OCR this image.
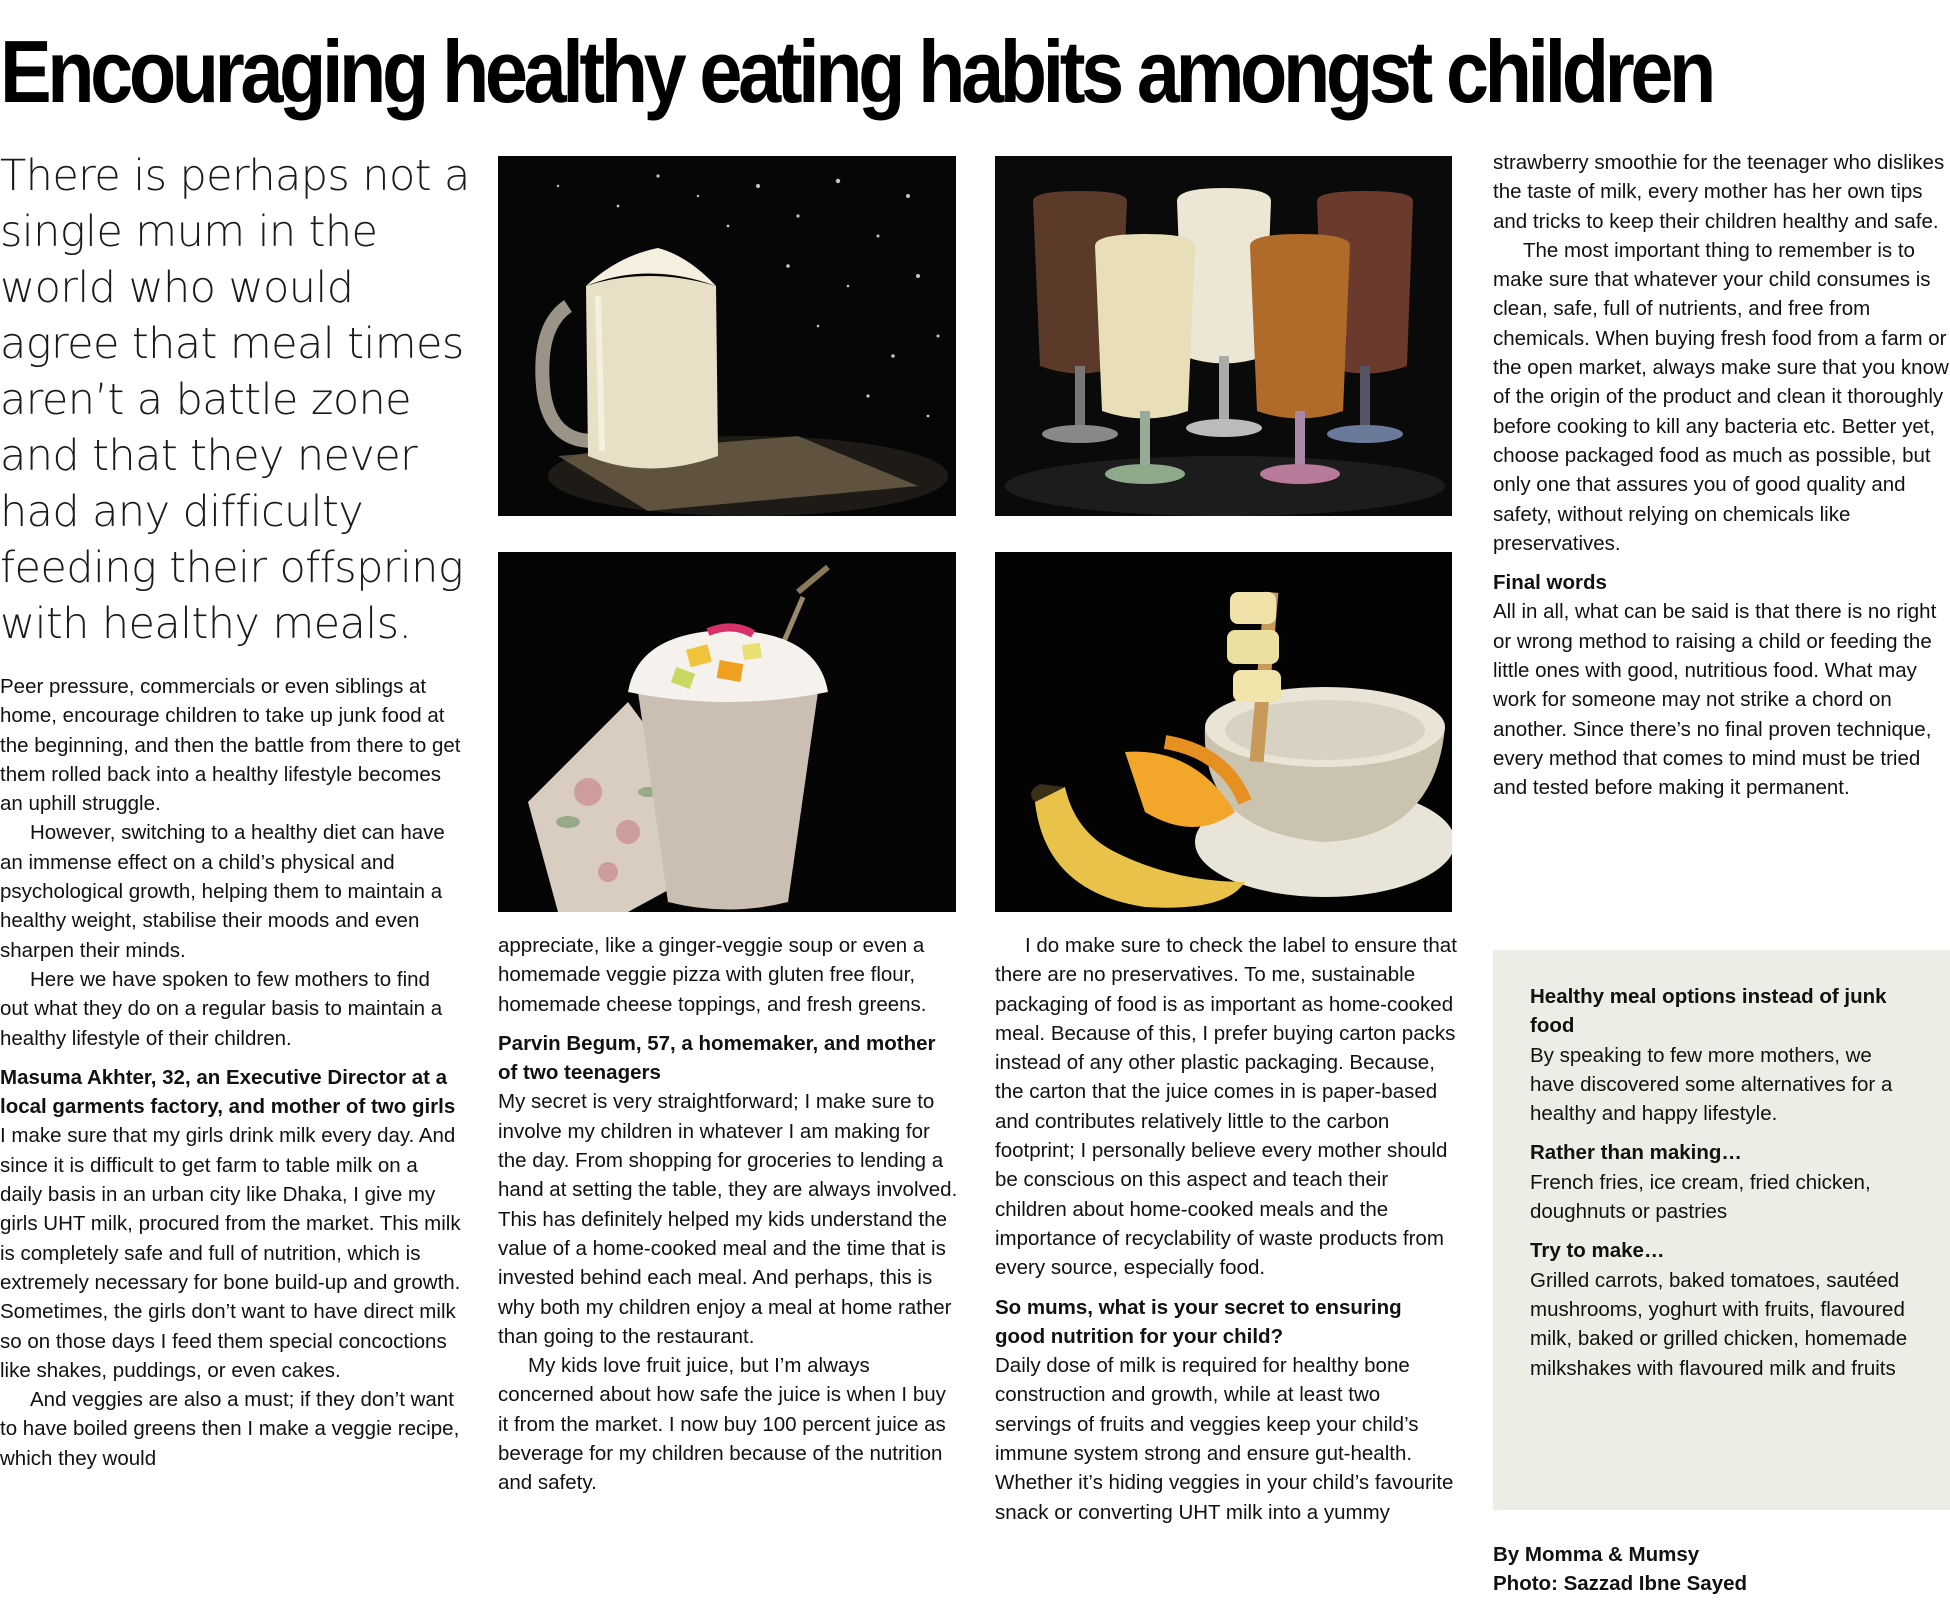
Encouraging healthy eating habits amongst children
There is perhaps not a single mum in the world who would agree that meal times aren’t a battle zone and that they never had any difficulty feeding their offspring with healthy meals.

Peer pressure, commercials or even siblings at home, encourage children to take up junk food at the beginning, and then the battle from there to get them rolled back into a healthy lifestyle becomes an uphill struggle.

However, switching to a healthy diet can have an immense effect on a child’s physical and psychological growth, helping them to maintain a healthy weight, stabilise their moods and even sharpen their minds.

Here we have spoken to few mothers to find out what they do on a regular basis to maintain a healthy lifestyle of their children.

Masuma Akhter, 32, an Executive Director at a local garments factory, and mother of two girls

I make sure that my girls drink milk every day. And since it is difficult to get farm to table milk on a daily basis in an urban city like Dhaka, I give my girls UHT milk, procured from the market. This milk is completely safe and full of nutrition, which is extremely necessary for bone build-up and growth. Sometimes, the girls don’t want to have direct milk so on those days I feed them special concoctions like shakes, puddings, or even cakes.

And veggies are also a must; if they don’t want to have boiled greens then I make a veggie recipe, which they would

appreciate, like a ginger-veggie soup or even a homemade veggie pizza with gluten free flour, homemade cheese toppings, and fresh greens.

Parvin Begum, 57, a homemaker, and mother of two teenagers

My secret is very straightforward; I make sure to involve my children in whatever I am making for the day. From shopping for groceries to lending a hand at setting the table, they are always involved. This has definitely helped my kids understand the value of a home-cooked meal and the time that is invested behind each meal. And perhaps, this is why both my children enjoy a meal at home rather than going to the restaurant.

My kids love fruit juice, but I’m always concerned about how safe the juice is when I buy it from the market. I now buy 100 percent juice as beverage for my children because of the nutrition and safety.

I do make sure to check the label to ensure that there are no preservatives. To me, sustainable packaging of food is as important as home-cooked meal. Because of this, I prefer buying carton packs instead of any other plastic packaging. Because, the carton that the juice comes in is paper-based and contributes relatively little to the carbon footprint; I personally believe every mother should be conscious on this aspect and teach their children about home-cooked meals and the importance of recyclability of waste products from every source, especially food.

So mums, what is your secret to ensuring good nutrition for your child?

Daily dose of milk is required for healthy bone construction and growth, while at least two servings of fruits and veggies keep your child’s immune system strong and ensure gut-health. Whether it’s hiding veggies in your child’s favourite snack or converting UHT milk into a yummy

strawberry smoothie for the teenager who dislikes the taste of milk, every mother has her own tips and tricks to keep their children healthy and safe.

The most important thing to remember is to make sure that whatever your child consumes is clean, safe, full of nutrients, and free from chemicals. When buying fresh food from a farm or the open market, always make sure that you know of the origin of the product and clean it thoroughly before cooking to kill any bacteria etc. Better yet, choose packaged food as much as possible, but only one that assures you of good quality and safety, without relying on chemicals like preservatives.

Final words

All in all, what can be said is that there is no right or wrong method to raising a child or feeding the little ones with good, nutritious food. What may work for someone may not strike a chord on another. Since there’s no final proven technique, every method that comes to mind must be tried and tested before making it permanent.

Healthy meal options instead of junk food

By speaking to few more mothers, we have discovered some alternatives for a healthy and happy lifestyle.

Rather than making…

French fries, ice cream, fried chicken, doughnuts or pastries

Try to make…

Grilled carrots, baked tomatoes, sautéed mushrooms, yoghurt with fruits, flavoured milk, baked or grilled chicken, homemade milkshakes with flavoured milk and fruits

By Momma & Mumsy
Photo: Sazzad Ibne Sayed
